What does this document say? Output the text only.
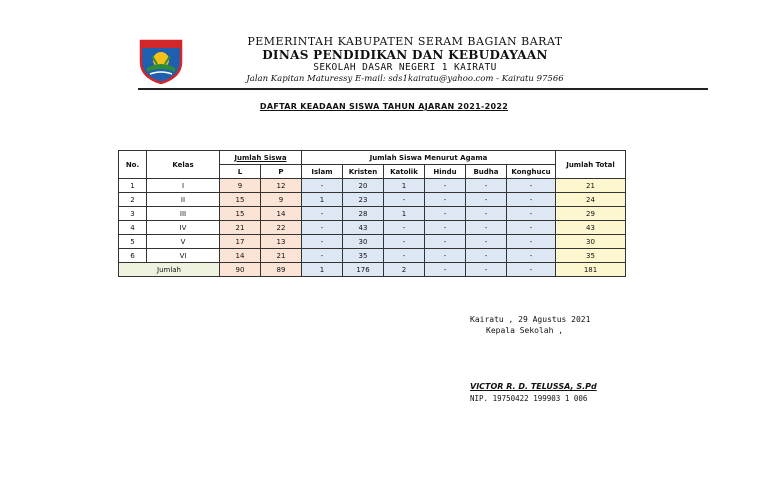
PEMERINTAH KABUPATEN SERAM BAGIAN BARAT
DINAS PENDIDIKAN DAN KEBUDAYAAN
SEKOLAH DASAR NEGERI 1 KAIRATU
Jalan Kapitan Maturessy E-mail: sds1kairatu@yahoo.com - Kairatu 97566
DAFTAR KEADAAN SISWA TAHUN AJARAN 2021-2022
No.	Kelas	Jumlah Siswa		Jumlah Siswa Menurut Agama						Jumlah Total
		L	P	Islam	Kristen	Katolik	Hindu	Budha	Konghucu	
1	I	9	12	-	20	1	-	-	-	21
2	II	15	9	1	23	-	-	-	-	24
3	III	15	14	-	28	1	-	-	-	29
4	IV	21	22	-	43	-	-	-	-	43
5	V	17	13	-	30	-	-	-	-	30
6	VI	14	21	-	35	-	-	-	-	35
Jumlah		90	89	1	176	2	-	-	-	181
Kairatu , 29 Agustus 2021
Kepala Sekolah ,
VICTOR R. D. TELUSSA, S.Pd
NIP. 19750422 199903 1 006
